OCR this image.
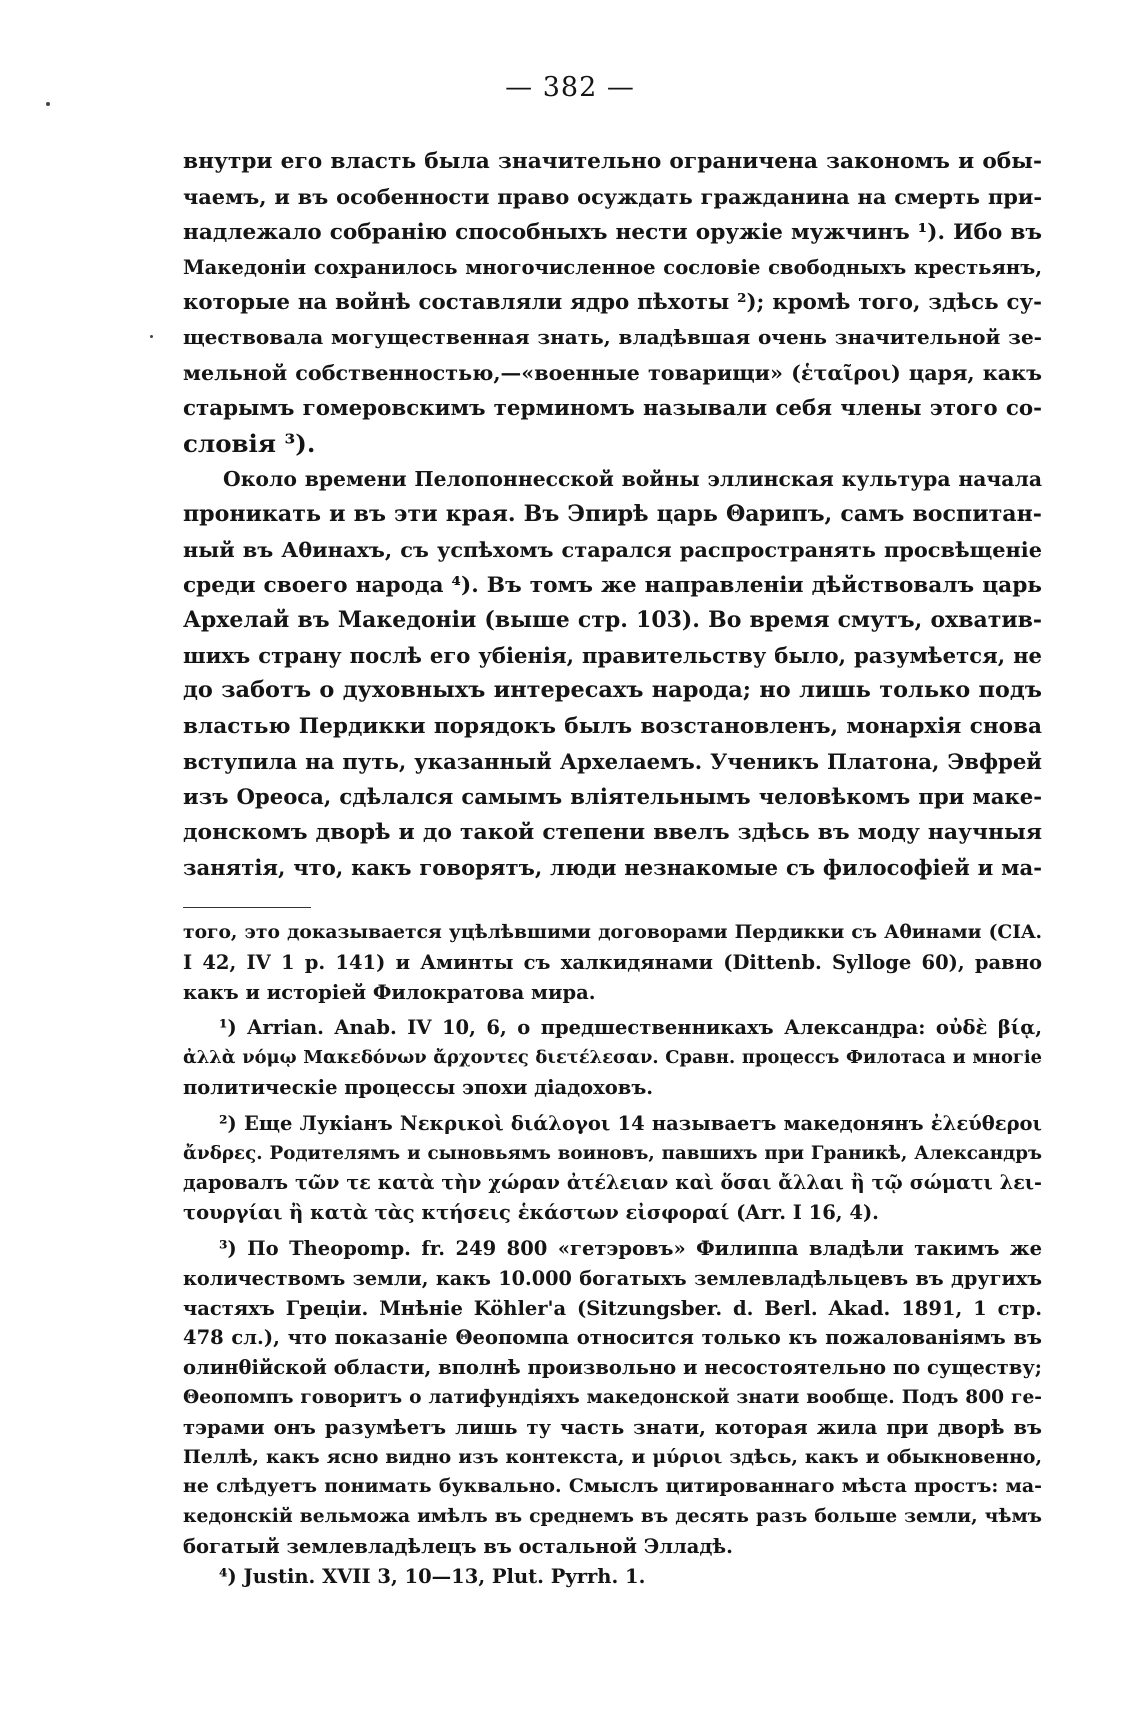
— 382 —

внутри его власть была значительно ограничена закономъ и обы-
чаемъ, и въ особенности право осуждать гражданина на смерть при-
надлежало собранію способныхъ нести оружіе мужчинъ ¹). Ибо въ
Македоніи сохранилось многочисленное сословіе свободныхъ крестьянъ,
которые на войнѣ составляли ядро пѣхоты ²); кромѣ того, здѣсь су-
ществовала могущественная знать, владѣвшая очень значительной зе-
мельной собственностью,—«военные товарищи» (ἑταῖροι) царя, какъ
старымъ гомеровскимъ терминомъ называли себя члены этого со-
словія ³).

Около времени Пелопоннесской войны эллинская культура начала
проникать и въ эти края. Въ Эпирѣ царь Θарипъ, самъ воспитан-
ный въ Аθинахъ, съ успѣхомъ старался распространять просвѣщеніе
среди своего народа ⁴). Въ томъ же направленіи дѣйствовалъ царь
Архелай въ Македоніи (выше стр. 103). Во время смутъ, охватив-
шихъ страну послѣ его убіенія, правительству было, разумѣется, не
до заботъ о духовныхъ интересахъ народа; но лишь только подъ
властью Пердикки порядокъ былъ возстановленъ, монархія снова
вступила на путь, указанный Архелаемъ. Ученикъ Платона, Эвфрей
изъ Ореоса, сдѣлался самымъ вліятельнымъ человѣкомъ при маке-
донскомъ дворѣ и до такой степени ввелъ здѣсь въ моду научныя
занятія, что, какъ говорятъ, люди незнакомые съ философіей и ма-

того, это доказывается уцѣлѣвшими договорами Пердикки съ Аθинами (CIA.
I 42, IV 1 p. 141) и Аминты съ халкидянами (Dittenb. Sylloge 60), равно
какъ и исторіей Филократова мира.
¹) Arrian. Anab. IV 10, 6, о предшественникахъ Александра: οὐδὲ βίᾳ,
ἀλλὰ νόμῳ Μακεδόνων ἄρχοντες διετέλεσαν. Сравн. процессъ Филотаса и многіе
политическіе процессы эпохи діадоховъ.
²) Еще Лукіанъ Νεκρικοὶ διάλογοι 14 называетъ македонянъ ἐλεύθεροι
ἄνδρες. Родителямъ и сыновьямъ воиновъ, павшихъ при Граникѣ, Александръ
даровалъ τῶν τε κατὰ τὴν χώραν ἀτέλειαν καὶ ὅσαι ἄλλαι ἢ τῷ σώματι λει-
τουργίαι ἢ κατὰ τὰς κτήσεις ἑκάστων εἰσφοραί (Arr. I 16, 4).
³) По Theopomp. fr. 249 800 «гетэровъ» Филиппа владѣли такимъ же
количествомъ земли, какъ 10.000 богатыхъ землевладѣльцевъ въ другихъ
частяхъ Греціи. Мнѣніе Köhler'a (Sitzungsber. d. Berl. Akad. 1891, 1 стр.
478 сл.), что показаніе Θеопомпа относится только къ пожалованіямъ въ
олинθійской области, вполнѣ произвольно и несостоятельно по существу;
Θеопомпъ говоритъ о латифундіяхъ македонской знати вообще. Подъ 800 ге-
тэрами онъ разумѣетъ лишь ту часть знати, которая жила при дворѣ въ
Пеллѣ, какъ ясно видно изъ контекста, и μύριοι здѣсь, какъ и обыкновенно,
не слѣдуетъ понимать буквально. Смыслъ цитированнаго мѣста простъ: ма-
кедонскій вельможа имѣлъ въ среднемъ въ десять разъ больше земли, чѣмъ
богатый землевладѣлецъ въ остальной Элладѣ.
⁴) Justin. XVII 3, 10—13, Plut. Pyrrh. 1.
